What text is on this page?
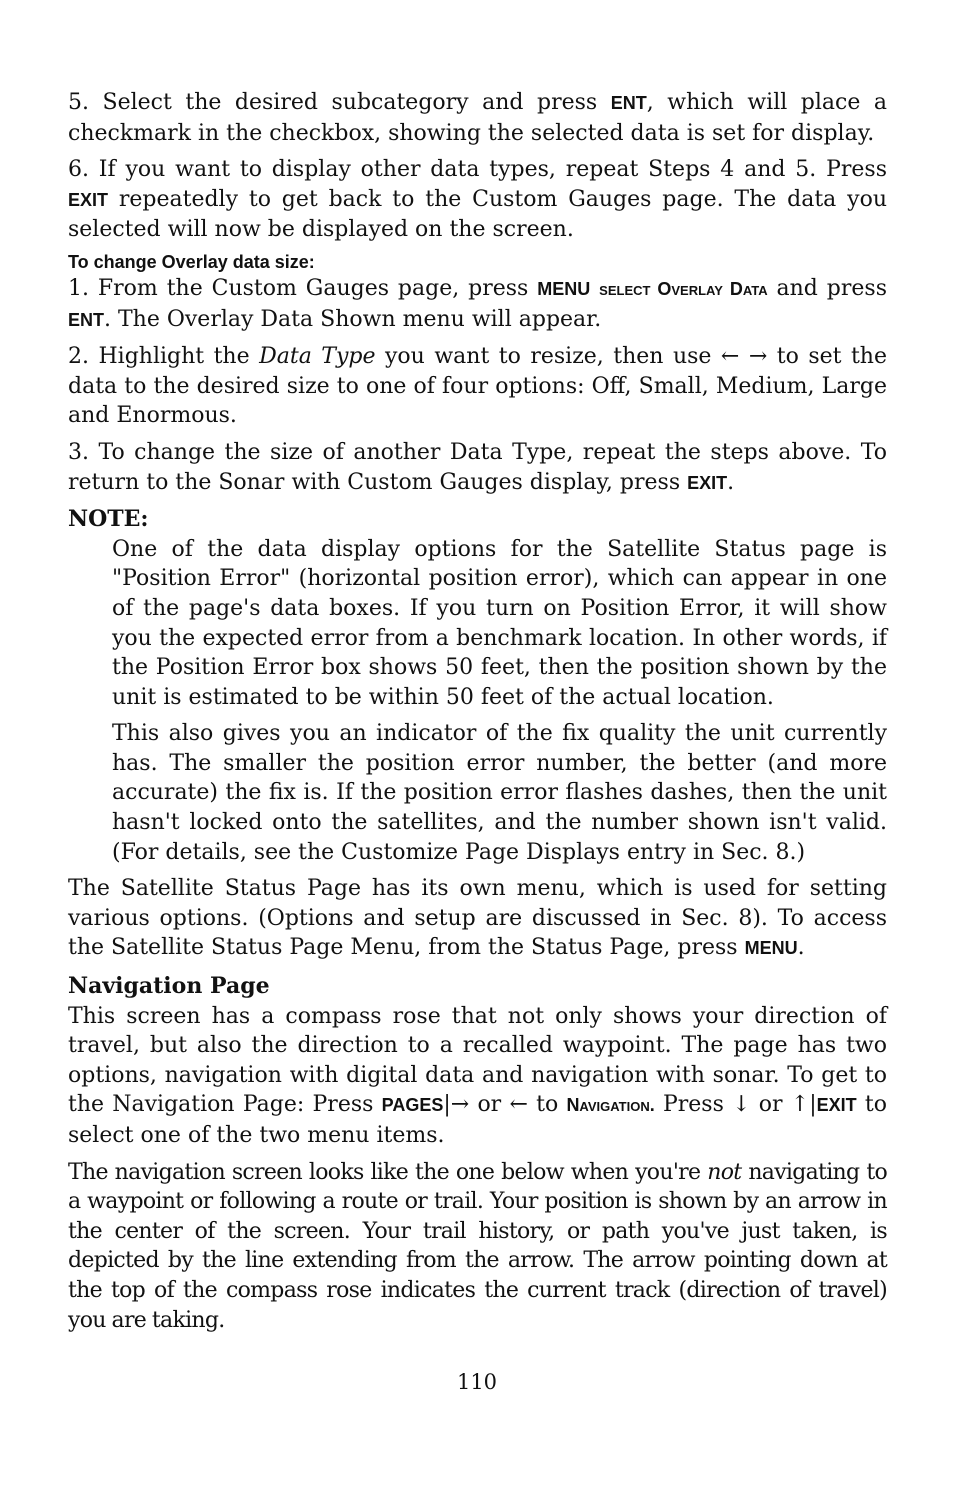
5. Select the desired subcategory and press ENT, which will place a checkmark in the checkbox, showing the selected data is set for display.

6. If you want to display other data types, repeat Steps 4 and 5. Press EXIT repeatedly to get back to the Custom Gauges page. The data you selected will now be displayed on the screen.

To change Overlay data size:

1. From the Custom Gauges page, press MENU select Overlay Data and press ENT. The Overlay Data Shown menu will appear.

2. Highlight the Data Type you want to resize, then use ← → to set the data to the desired size to one of four options: Off, Small, Medium, Large and Enormous.

3. To change the size of another Data Type, repeat the steps above. To return to the Sonar with Custom Gauges display, press EXIT.

NOTE:

One of the data display options for the Satellite Status page is "Position Error" (horizontal position error), which can appear in one of the page's data boxes. If you turn on Position Error, it will show you the expected error from a benchmark location. In other words, if the Position Error box shows 50 feet, then the position shown by the unit is estimated to be within 50 feet of the actual location.

This also gives you an indicator of the fix quality the unit currently has. The smaller the position error number, the better (and more accurate) the fix is. If the position error flashes dashes, then the unit hasn't locked onto the satellites, and the number shown isn't valid. (For details, see the Customize Page Displays entry in Sec. 8.)

The Satellite Status Page has its own menu, which is used for setting various options. (Options and setup are discussed in Sec. 8). To access the Satellite Status Page Menu, from the Status Page, press MENU.

Navigation Page

This screen has a compass rose that not only shows your direction of travel, but also the direction to a recalled waypoint. The page has two options, navigation with digital data and navigation with sonar. To get to the Navigation Page: Press PAGES|→ or ← to Navigation. Press ↓ or ↑|EXIT to select one of the two menu items.

The navigation screen looks like the one below when you're not navigating to a waypoint or following a route or trail. Your position is shown by an arrow in the center of the screen. Your trail history, or path you've just taken, is depicted by the line extending from the arrow. The arrow pointing down at the top of the compass rose indicates the current track (direction of travel) you are taking.

110
